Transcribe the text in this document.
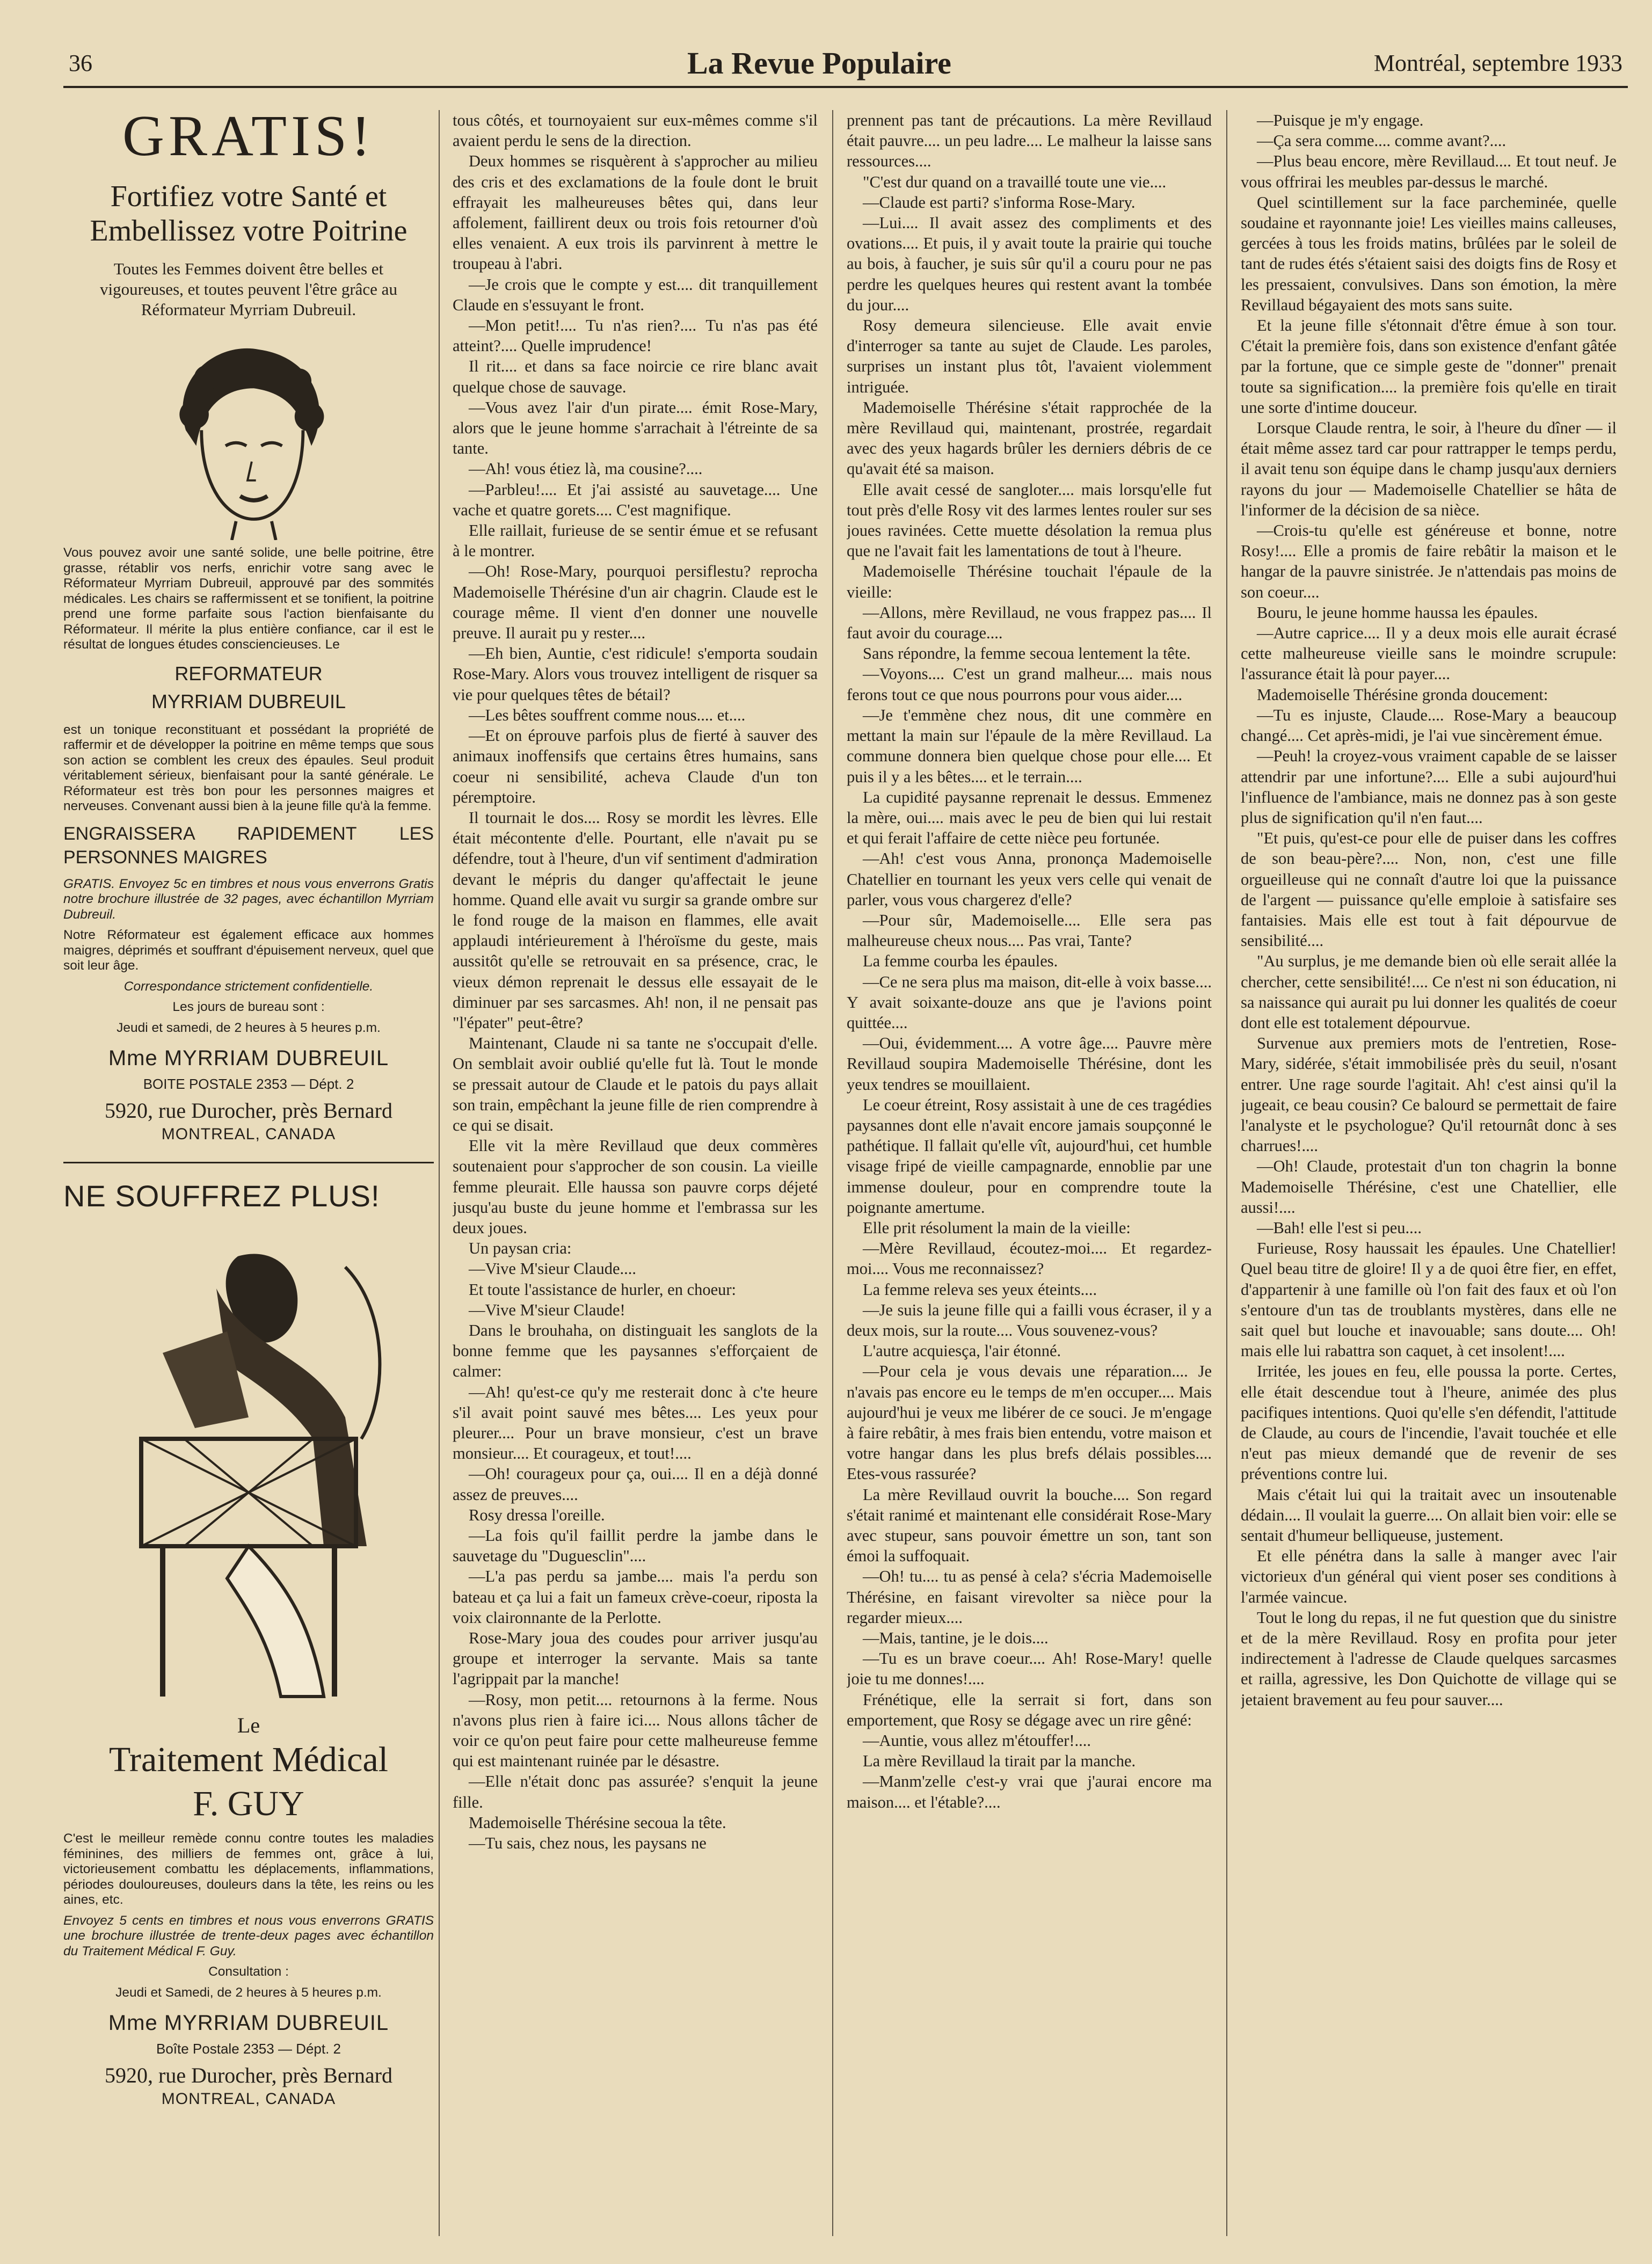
36	La Revue Populaire	Montréal, septembre 1933
GRATIS!
Fortifiez votre Santé et Embellissez votre Poitrine
Toutes les Femmes doivent être belles et vigoureuses, et toutes peuvent l'être grâce au Réformateur Myrriam Dubreuil.
Vous pouvez avoir une santé solide, une belle poitrine, être grasse, rétablir vos nerfs, enrichir votre sang avec le Réformateur Myrriam Dubreuil, approuvé par des sommités médicales. Les chairs se raffermissent et se tonifient, la poitrine prend une forme parfaite sous l'action bienfaisante du Réformateur. Il mérite la plus entière confiance, car il est le résultat de longues études consciencieuses. Le
REFORMATEUR
MYRRIAM DUBREUIL
est un tonique reconstituant et possédant la propriété de raffermir et de développer la poitrine en même temps que sous son action se comblent les creux des épaules. Seul produit véritablement sérieux, bienfaisant pour la santé générale. Le Réformateur est très bon pour les personnes maigres et nerveuses. Convenant aussi bien à la jeune fille qu'à la femme.
ENGRAISSERA RAPIDEMENT LES PERSONNES MAIGRES
GRATIS. Envoyez 5c en timbres et nous vous enverrons Gratis notre brochure illustrée de 32 pages, avec échantillon Myrriam Dubreuil.
Notre Réformateur est également efficace aux hommes maigres, déprimés et souffrant d'épuisement nerveux, quel que soit leur âge.
Correspondance strictement confidentielle.
Les jours de bureau sont :
Jeudi et samedi, de 2 heures à 5 heures p.m.
Mme MYRRIAM DUBREUIL
BOITE POSTALE 2353 — Dépt. 2
5920, rue Durocher, près Bernard
MONTREAL, CANADA
NE SOUFFREZ PLUS!
Le
Traitement Médical
F. GUY
C'est le meilleur remède connu contre toutes les maladies féminines, des milliers de femmes ont, grâce à lui, victorieusement combattu les déplacements, inflammations, périodes douloureuses, douleurs dans la tête, les reins ou les aines, etc.
Envoyez 5 cents en timbres et nous vous enverrons GRATIS une brochure illustrée de trente-deux pages avec échantillon du Traitement Médical F. Guy.
Consultation :
Jeudi et Samedi, de 2 heures à 5 heures p.m.
Mme MYRRIAM DUBREUIL
Boîte Postale 2353 — Dépt. 2
5920, rue Durocher, près Bernard
MONTREAL, CANADA

tous côtés, et tournoyaient sur eux-mêmes comme s'il avaient perdu le sens de la direction.

Deux hommes se risquèrent à s'approcher au milieu des cris et des exclamations de la foule dont le bruit effrayait les malheureuses bêtes qui, dans leur affolement, faillirent deux ou trois fois retourner d'où elles venaient. A eux trois ils parvinrent à mettre le troupeau à l'abri.

—Je crois que le compte y est.... dit tranquillement Claude en s'essuyant le front.

—Mon petit!.... Tu n'as rien?.... Tu n'as pas été atteint?.... Quelle imprudence!

Il rit.... et dans sa face noircie ce rire blanc avait quelque chose de sauvage.

—Vous avez l'air d'un pirate.... émit Rose-Mary, alors que le jeune homme s'arrachait à l'étreinte de sa tante.

—Ah! vous étiez là, ma cousine?....

—Parbleu!.... Et j'ai assisté au sauvetage.... Une vache et quatre gorets.... C'est magnifique.

Elle raillait, furieuse de se sentir émue et se refusant à le montrer.

—Oh! Rose-Mary, pourquoi persiflestu? reprocha Mademoiselle Thérésine d'un air chagrin. Claude est le courage même. Il vient d'en donner une nouvelle preuve. Il aurait pu y rester....

—Eh bien, Auntie, c'est ridicule! s'emporta soudain Rose-Mary. Alors vous trouvez intelligent de risquer sa vie pour quelques têtes de bétail?

—Les bêtes souffrent comme nous.... et....

—Et on éprouve parfois plus de fierté à sauver des animaux inoffensifs que certains êtres humains, sans coeur ni sensibilité, acheva Claude d'un ton péremptoire.

Il tournait le dos.... Rosy se mordit les lèvres. Elle était mécontente d'elle. Pourtant, elle n'avait pu se défendre, tout à l'heure, d'un vif sentiment d'admiration devant le mépris du danger qu'affectait le jeune homme. Quand elle avait vu surgir sa grande ombre sur le fond rouge de la maison en flammes, elle avait applaudi intérieurement à l'héroïsme du geste, mais aussitôt qu'elle se retrouvait en sa présence, crac, le vieux démon reprenait le dessus elle essayait de le diminuer par ses sarcasmes. Ah! non, il ne pensait pas "l'épater" peut-être?

Maintenant, Claude ni sa tante ne s'occupait d'elle. On semblait avoir oublié qu'elle fut là. Tout le monde se pressait autour de Claude et le patois du pays allait son train, empêchant la jeune fille de rien comprendre à ce qui se disait.

Elle vit la mère Revillaud que deux commères soutenaient pour s'approcher de son cousin. La vieille femme pleurait. Elle haussa son pauvre corps déjeté jusqu'au buste du jeune homme et l'embrassa sur les deux joues.

Un paysan cria:

—Vive M'sieur Claude....

Et toute l'assistance de hurler, en choeur:

—Vive M'sieur Claude!

Dans le brouhaha, on distinguait les sanglots de la bonne femme que les paysannes s'efforçaient de calmer:

—Ah! qu'est-ce qu'y me resterait donc à c'te heure s'il avait point sauvé mes bêtes.... Les yeux pour pleurer.... Pour un brave monsieur, c'est un brave monsieur.... Et courageux, et tout!....

—Oh! courageux pour ça, oui.... Il en a déjà donné assez de preuves....

Rosy dressa l'oreille.

—La fois qu'il faillit perdre la jambe dans le sauvetage du "Duguesclin"....

—L'a pas perdu sa jambe.... mais l'a perdu son bateau et ça lui a fait un fameux crève-coeur, riposta la voix claironnante de la Perlotte.

Rose-Mary joua des coudes pour arriver jusqu'au groupe et interroger la servante. Mais sa tante l'agrippait par la manche!

—Rosy, mon petit.... retournons à la ferme. Nous n'avons plus rien à faire ici.... Nous allons tâcher de voir ce qu'on peut faire pour cette malheureuse femme qui est maintenant ruinée par le désastre.

—Elle n'était donc pas assurée? s'enquit la jeune fille.

Mademoiselle Thérésine secoua la tête.

—Tu sais, chez nous, les paysans ne

prennent pas tant de précautions. La mère Revillaud était pauvre.... un peu ladre.... Le malheur la laisse sans ressources....

"C'est dur quand on a travaillé toute une vie....

—Claude est parti? s'informa Rose-Mary.

—Lui.... Il avait assez des compliments et des ovations.... Et puis, il y avait toute la prairie qui touche au bois, à faucher, je suis sûr qu'il a couru pour ne pas perdre les quelques heures qui restent avant la tombée du jour....

Rosy demeura silencieuse. Elle avait envie d'interroger sa tante au sujet de Claude. Les paroles, surprises un instant plus tôt, l'avaient violemment intriguée.

Mademoiselle Thérésine s'était rapprochée de la mère Revillaud qui, maintenant, prostrée, regardait avec des yeux hagards brûler les derniers débris de ce qu'avait été sa maison.

Elle avait cessé de sangloter.... mais lorsqu'elle fut tout près d'elle Rosy vit des larmes lentes rouler sur ses joues ravinées. Cette muette désolation la remua plus que ne l'avait fait les lamentations de tout à l'heure.

Mademoiselle Thérésine touchait l'épaule de la vieille:

—Allons, mère Revillaud, ne vous frappez pas.... Il faut avoir du courage....

Sans répondre, la femme secoua lentement la tête.

—Voyons.... C'est un grand malheur.... mais nous ferons tout ce que nous pourrons pour vous aider....

—Je t'emmène chez nous, dit une commère en mettant la main sur l'épaule de la mère Revillaud. La commune donnera bien quelque chose pour elle.... Et puis il y a les bêtes.... et le terrain....

La cupidité paysanne reprenait le dessus. Emmenez la mère, oui.... mais avec le peu de bien qui lui restait et qui ferait l'affaire de cette nièce peu fortunée.

—Ah! c'est vous Anna, prononça Mademoiselle Chatellier en tournant les yeux vers celle qui venait de parler, vous vous chargerez d'elle?

—Pour sûr, Mademoiselle.... Elle sera pas malheureuse cheux nous.... Pas vrai, Tante?

La femme courba les épaules.

—Ce ne sera plus ma maison, dit-elle à voix basse.... Y avait soixante-douze ans que je l'avions point quittée....

—Oui, évidemment.... A votre âge.... Pauvre mère Revillaud soupira Mademoiselle Thérésine, dont les yeux tendres se mouillaient.

Le coeur étreint, Rosy assistait à une de ces tragédies paysannes dont elle n'avait encore jamais soupçonné le pathétique. Il fallait qu'elle vît, aujourd'hui, cet humble visage fripé de vieille campagnarde, ennoblie par une immense douleur, pour en comprendre toute la poignante amertume.

Elle prit résolument la main de la vieille:

—Mère Revillaud, écoutez-moi.... Et regardez-moi.... Vous me reconnaissez?

La femme releva ses yeux éteints....

—Je suis la jeune fille qui a failli vous écraser, il y a deux mois, sur la route.... Vous souvenez-vous?

L'autre acquiesça, l'air étonné.

—Pour cela je vous devais une réparation.... Je n'avais pas encore eu le temps de m'en occuper.... Mais aujourd'hui je veux me libérer de ce souci. Je m'engage à faire rebâtir, à mes frais bien entendu, votre maison et votre hangar dans les plus brefs délais possibles.... Etes-vous rassurée?

La mère Revillaud ouvrit la bouche.... Son regard s'était ranimé et maintenant elle considérait Rose-Mary avec stupeur, sans pouvoir émettre un son, tant son émoi la suffoquait.

—Oh! tu.... tu as pensé à cela? s'écria Mademoiselle Thérésine, en faisant virevolter sa nièce pour la regarder mieux....

—Mais, tantine, je le dois....

—Tu es un brave coeur.... Ah! Rose-Mary! quelle joie tu me donnes!....

Frénétique, elle la serrait si fort, dans son emportement, que Rosy se dégage avec un rire gêné:

—Auntie, vous allez m'étouffer!....

La mère Revillaud la tirait par la manche.

—Manm'zelle c'est-y vrai que j'aurai encore ma maison.... et l'étable?....

—Puisque je m'y engage.

—Ça sera comme.... comme avant?....

—Plus beau encore, mère Revillaud.... Et tout neuf. Je vous offrirai les meubles par-dessus le marché.

Quel scintillement sur la face parcheminée, quelle soudaine et rayonnante joie! Les vieilles mains calleuses, gercées à tous les froids matins, brûlées par le soleil de tant de rudes étés s'étaient saisi des doigts fins de Rosy et les pressaient, convulsives. Dans son émotion, la mère Revillaud bégayaient des mots sans suite.

Et la jeune fille s'étonnait d'être émue à son tour. C'était la première fois, dans son existence d'enfant gâtée par la fortune, que ce simple geste de "donner" prenait toute sa signification.... la première fois qu'elle en tirait une sorte d'intime douceur.

Lorsque Claude rentra, le soir, à l'heure du dîner — il était même assez tard car pour rattrapper le temps perdu, il avait tenu son équipe dans le champ jusqu'aux derniers rayons du jour — Mademoiselle Chatellier se hâta de l'informer de la décision de sa nièce.

—Crois-tu qu'elle est généreuse et bonne, notre Rosy!.... Elle a promis de faire rebâtir la maison et le hangar de la pauvre sinistrée. Je n'attendais pas moins de son coeur....

Bouru, le jeune homme haussa les épaules.

—Autre caprice.... Il y a deux mois elle aurait écrasé cette malheureuse vieille sans le moindre scrupule: l'assurance était là pour payer....

Mademoiselle Thérésine gronda doucement:

—Tu es injuste, Claude.... Rose-Mary a beaucoup changé.... Cet après-midi, je l'ai vue sincèrement émue.

—Peuh! la croyez-vous vraiment capable de se laisser attendrir par une infortune?.... Elle a subi aujourd'hui l'influence de l'ambiance, mais ne donnez pas à son geste plus de signification qu'il n'en faut....

"Et puis, qu'est-ce pour elle de puiser dans les coffres de son beau-père?.... Non, non, c'est une fille orgueilleuse qui ne connaît d'autre loi que la puissance de l'argent — puissance qu'elle emploie à satisfaire ses fantaisies. Mais elle est tout à fait dépourvue de sensibilité....

"Au surplus, je me demande bien où elle serait allée la chercher, cette sensibilité!.... Ce n'est ni son éducation, ni sa naissance qui aurait pu lui donner les qualités de coeur dont elle est totalement dépourvue.

Survenue aux premiers mots de l'entretien, Rose-Mary, sidérée, s'était immobilisée près du seuil, n'osant entrer. Une rage sourde l'agitait. Ah! c'est ainsi qu'il la jugeait, ce beau cousin? Ce balourd se permettait de faire l'analyste et le psychologue? Qu'il retournât donc à ses charrues!....

—Oh! Claude, protestait d'un ton chagrin la bonne Mademoiselle Thérésine, c'est une Chatellier, elle aussi!....

—Bah! elle l'est si peu....

Furieuse, Rosy haussait les épaules. Une Chatellier! Quel beau titre de gloire! Il y a de quoi être fier, en effet, d'appartenir à une famille où l'on fait des faux et où l'on s'entoure d'un tas de troublants mystères, dans elle ne sait quel but louche et inavouable; sans doute.... Oh! mais elle lui rabattra son caquet, à cet insolent!....

Irritée, les joues en feu, elle poussa la porte. Certes, elle était descendue tout à l'heure, animée des plus pacifiques intentions. Quoi qu'elle s'en défendit, l'attitude de Claude, au cours de l'incendie, l'avait touchée et elle n'eut pas mieux demandé que de revenir de ses préventions contre lui.

Mais c'était lui qui la traitait avec un insoutenable dédain.... Il voulait la guerre.... On allait bien voir: elle se sentait d'humeur belliqueuse, justement.

Et elle pénétra dans la salle à manger avec l'air victorieux d'un général qui vient poser ses conditions à l'armée vaincue.

Tout le long du repas, il ne fut question que du sinistre et de la mère Revillaud. Rosy en profita pour jeter indirectement à l'adresse de Claude quelques sarcasmes et railla, agressive, les Don Quichotte de village qui se jetaient bravement au feu pour sauver....
